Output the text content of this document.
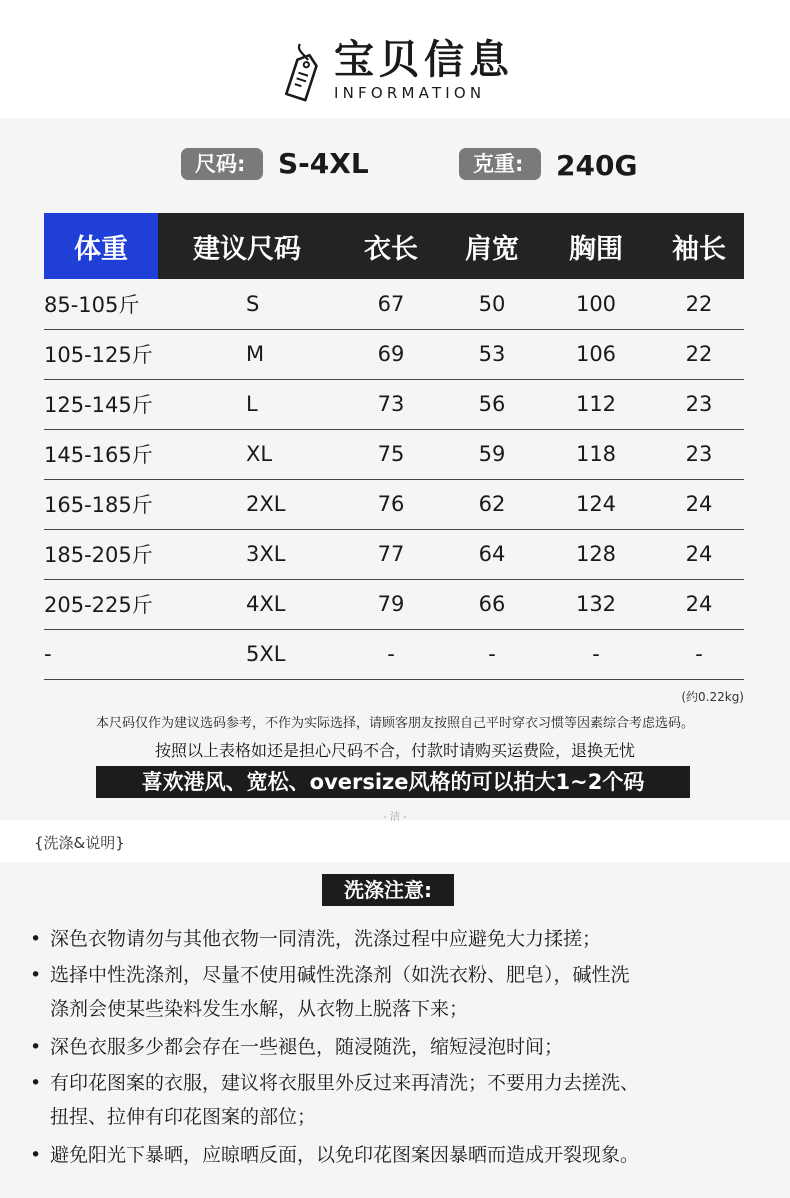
宝贝信息
INFORMATION
尺码:	S-4XL	克重:	240G
体重	建议尺码	衣长	肩宽	胸围	袖长
85-105斤	S	67	50	100	22
105-125斤	M	69	53	106	22
125-145斤	L	73	56	112	23
145-165斤	XL	75	59	118	23
165-185斤	2XL	76	62	124	24
185-205斤	3XL	77	64	128	24
205-225斤	4XL	79	66	132	24
-	5XL	-	-	-	-
(约0.22kg)
本尺码仅作为建议选码参考，不作为实际选择，请顾客朋友按照自己平时穿衣习惯等因素综合考虑选码。
按照以上表格如还是担心尺码不合，付款时请购买运费险，退换无忧
喜欢港风、宽松、oversize风格的可以拍大1~2个码
- 洁 -
{洗涤&说明}
洗涤注意:
• 深色衣物请勿与其他衣物一同清洗，洗涤过程中应避免大力揉搓；
• 选择中性洗涤剂，尽量不使用碱性洗涤剂（如洗衣粉、肥皂），碱性洗
涤剂会使某些染料发生水解，从衣物上脱落下来；
• 深色衣服多少都会存在一些褪色，随浸随洗，缩短浸泡时间；
• 有印花图案的衣服，建议将衣服里外反过来再清洗；不要用力去搓洗、
扭捏、拉伸有印花图案的部位；
• 避免阳光下暴晒，应晾晒反面，以免印花图案因暴晒而造成开裂现象。
